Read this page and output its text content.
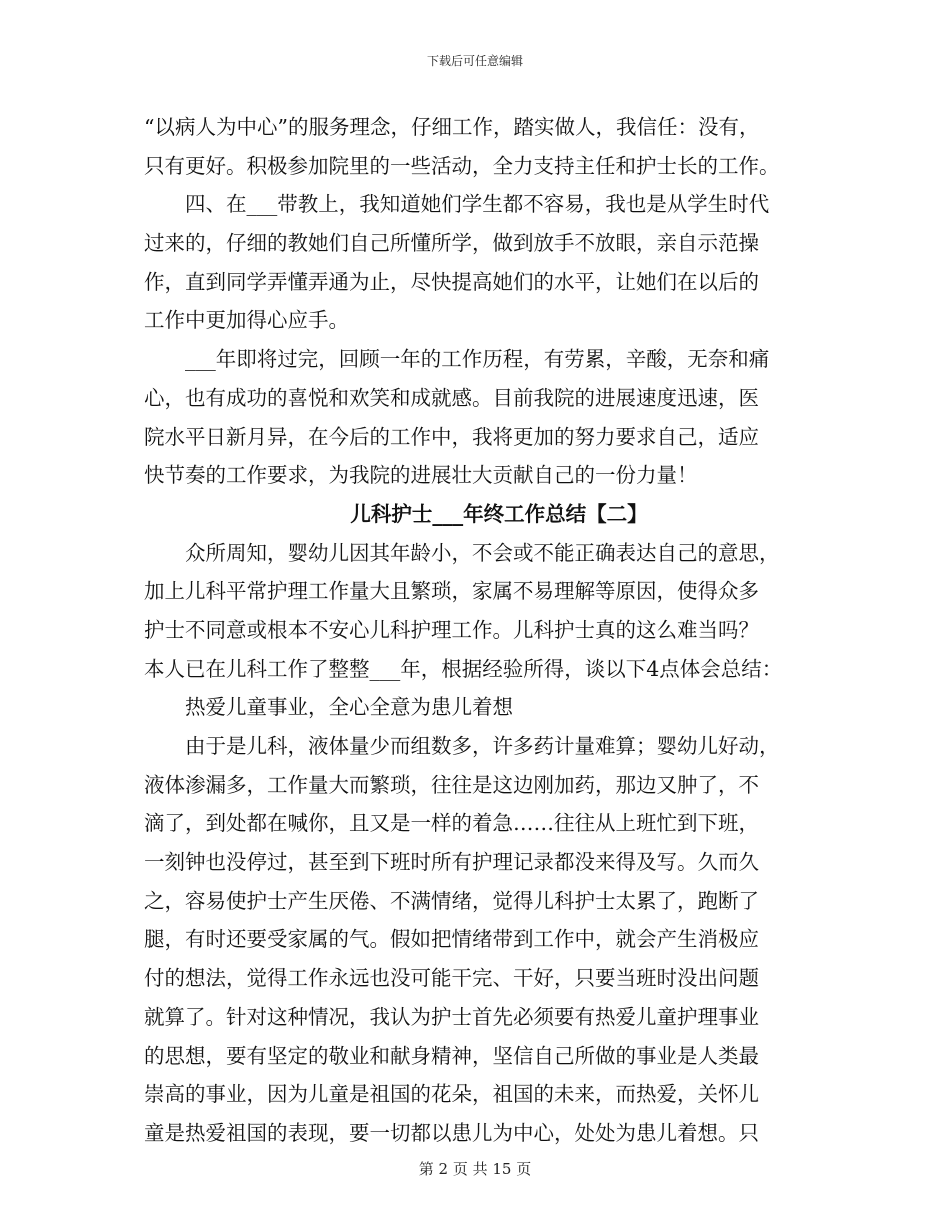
下载后可任意编辑
“以病人为中心”的服务理念，仔细工作，踏实做人，我信任：没有，
只有更好。积极参加院里的一些活动，全力支持主任和护士长的工作。
四、在___带教上，我知道她们学生都不容易，我也是从学生时代
过来的，仔细的教她们自己所懂所学，做到放手不放眼，亲自示范操
作，直到同学弄懂弄通为止，尽快提高她们的水平，让她们在以后的
工作中更加得心应手。
___年即将过完，回顾一年的工作历程，有劳累，辛酸，无奈和痛
心，也有成功的喜悦和欢笑和成就感。目前我院的进展速度迅速，医
院水平日新月异，在今后的工作中，我将更加的努力要求自己，适应
快节奏的工作要求，为我院的进展壮大贡献自己的一份力量！
儿科护士___年终工作总结【二】
众所周知，婴幼儿因其年龄小，不会或不能正确表达自己的意思，
加上儿科平常护理工作量大且繁琐，家属不易理解等原因，使得众多
护士不同意或根本不安心儿科护理工作。儿科护士真的这么难当吗？
本人已在儿科工作了整整___年，根据经验所得，谈以下4点体会总结：
热爱儿童事业，全心全意为患儿着想
由于是儿科，液体量少而组数多，许多药计量难算；婴幼儿好动，
液体渗漏多，工作量大而繁琐，往往是这边刚加药，那边又肿了，不
滴了，到处都在喊你，且又是一样的着急……往往从上班忙到下班，
一刻钟也没停过，甚至到下班时所有护理记录都没来得及写。久而久
之，容易使护士产生厌倦、不满情绪，觉得儿科护士太累了，跑断了
腿，有时还要受家属的气。假如把情绪带到工作中，就会产生消极应
付的想法，觉得工作永远也没可能干完、干好，只要当班时没出问题
就算了。针对这种情况，我认为护士首先必须要有热爱儿童护理事业
的思想，要有坚定的敬业和献身精神，坚信自己所做的事业是人类最
崇高的事业，因为儿童是祖国的花朵，祖国的未来，而热爱，关怀儿
童是热爱祖国的表现，要一切都以患儿为中心，处处为患儿着想。只
第 2 页 共 15 页
